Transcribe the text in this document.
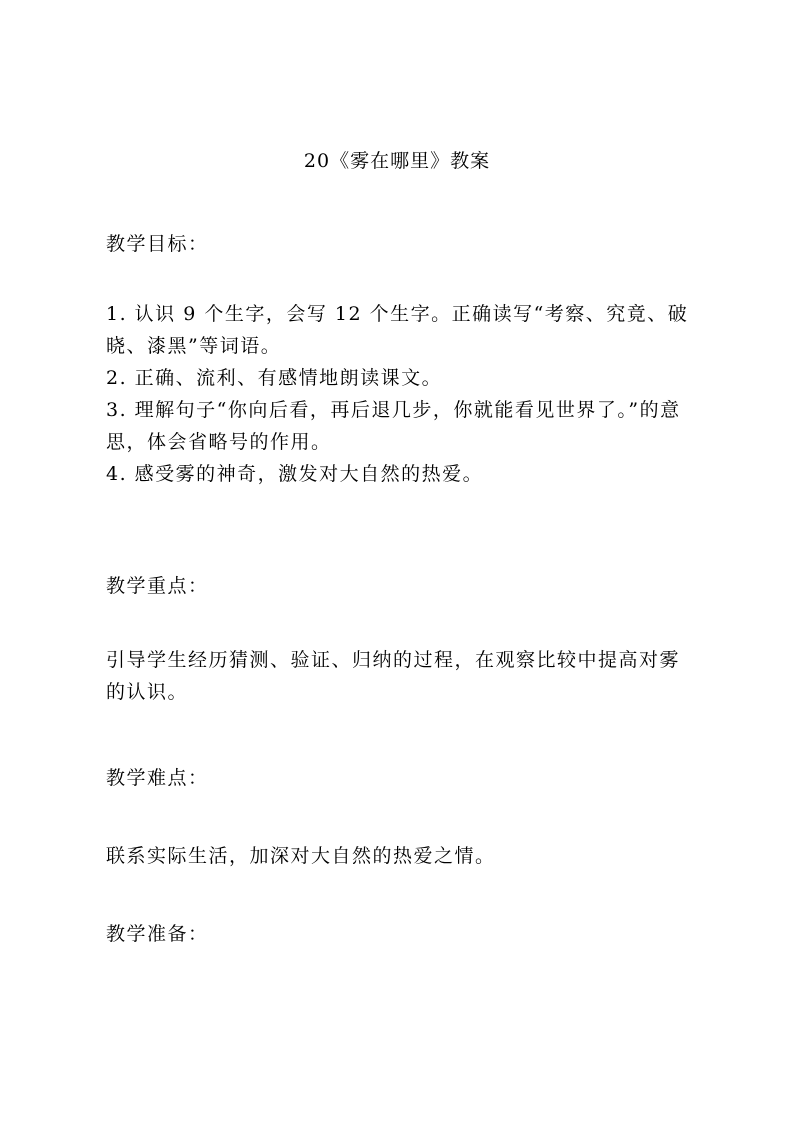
20《雾在哪里》教案
教学目标：
1. 认识 9 个生字，会写 12 个生字。正确读写“考察、究竟、破晓、漆黑”等词语。
2. 正确、流利、有感情地朗读课文。
3. 理解句子“你向后看，再后退几步，你就能看见世界了。”的意思，体会省略号的作用。
4. 感受雾的神奇，激发对大自然的热爱。
教学重点：
引导学生经历猜测、验证、归纳的过程，在观察比较中提高对雾的认识。
教学难点：
联系实际生活，加深对大自然的热爱之情。
教学准备：
